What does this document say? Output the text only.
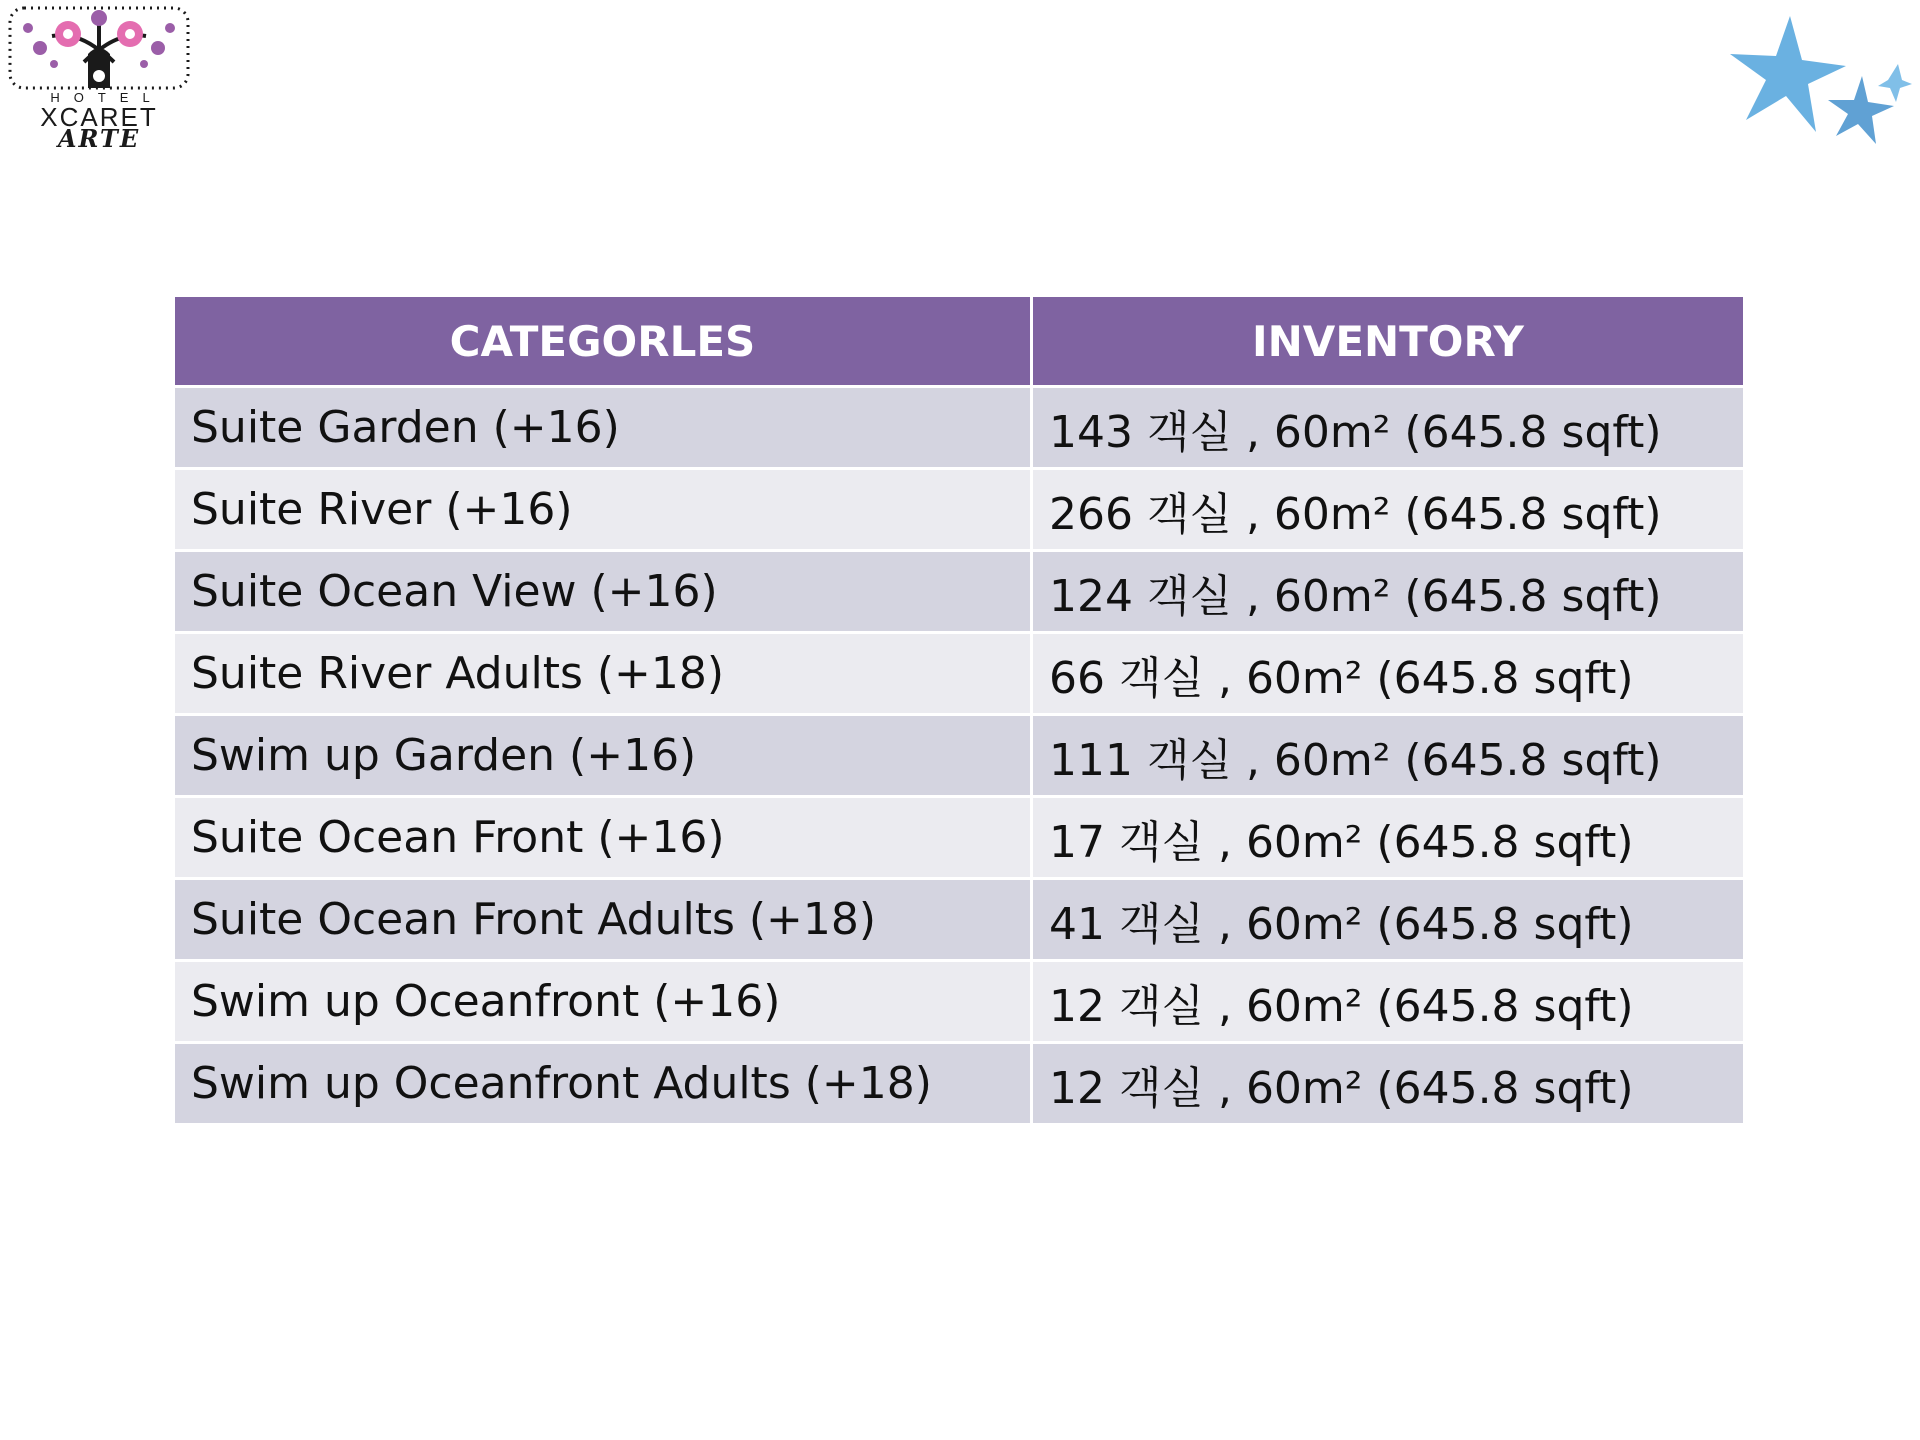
HOTEL
XCARET
ARTE
CATEGORLES	INVENTORY
Suite Garden (+16)	143 객실 , 60m² (645.8 sqft)
Suite River (+16)	266 객실 , 60m² (645.8 sqft)
Suite Ocean View (+16)	124 객실 , 60m² (645.8 sqft)
Suite River Adults (+18)	66 객실 , 60m² (645.8 sqft)
Swim up Garden (+16)	111 객실 , 60m² (645.8 sqft)
Suite Ocean Front (+16)	17 객실 , 60m² (645.8 sqft)
Suite Ocean Front Adults (+18)	41 객실 , 60m² (645.8 sqft)
Swim up Oceanfront (+16)	12 객실 , 60m² (645.8 sqft)
Swim up Oceanfront Adults (+18)	12 객실 , 60m² (645.8 sqft)
